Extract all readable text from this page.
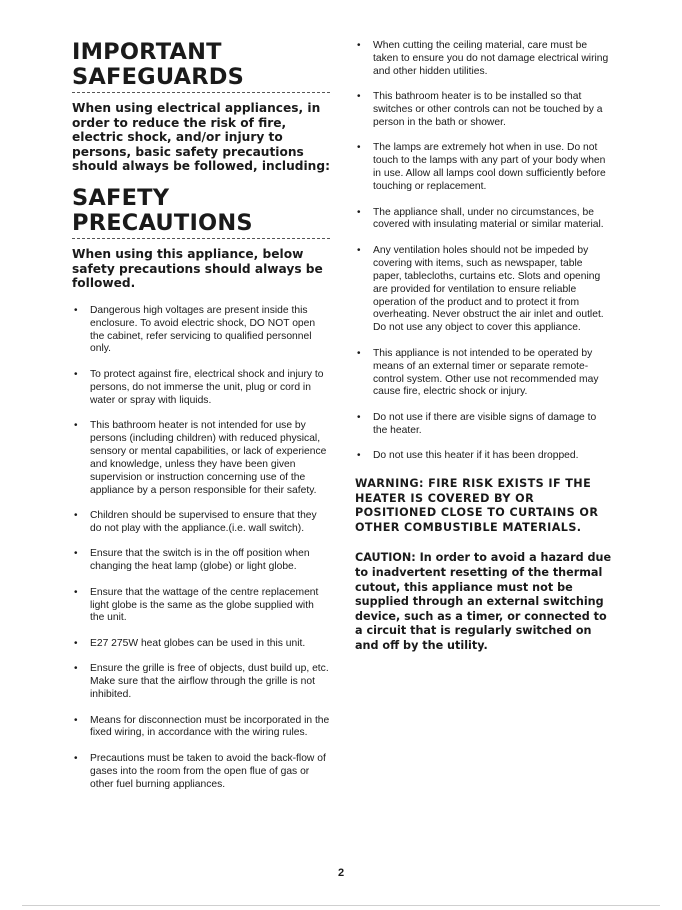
IMPORTANT SAFEGUARDS

When using electrical appliances, in order to reduce the risk of fire, electric shock, and/or injury to persons, basic safety precautions should always be followed, including:

SAFETY PRECAUTIONS

When using this appliance, below safety precautions should always be followed.

• Dangerous high voltages are present inside this enclosure. To avoid electric shock, DO NOT open the cabinet, refer servicing to qualified personnel only.
• To protect against fire, electrical shock and injury to persons, do not immerse the unit, plug or cord in water or spray with liquids.
• This bathroom heater is not intended for use by persons (including children) with reduced physical, sensory or mental capabilities, or lack of experience and knowledge, unless they have been given supervision or instruction concerning use of the appliance by a person responsible for their safety.
• Children should be supervised to ensure that they do not play with the appliance.(i.e. wall switch).
• Ensure that the switch is in the off position when changing the heat lamp (globe) or light globe.
• Ensure that the wattage of the centre replacement light globe is the same as the globe supplied with the unit.
• E27 275W heat globes can be used in this unit.
• Ensure the grille is free of objects, dust build up, etc. Make sure that the airflow through the grille is not inhibited.
• Means for disconnection must be incorporated in the fixed wiring, in accordance with the wiring rules.
• Precautions must be taken to avoid the back-flow of gases into the room from the open flue of gas or other fuel burning appliances.
• When cutting the ceiling material, care must be taken to ensure you do not damage electrical wiring and other hidden utilities.
• This bathroom heater is to be installed so that switches or other controls can not be touched by a person in the bath or shower.
• The lamps are extremely hot when in use. Do not touch to the lamps with any part of your body when in use. Allow all lamps cool down sufficiently before touching or replacement.
• The appliance shall, under no circumstances, be covered with insulating material or similar material.
• Any ventilation holes should not be impeded by covering with items, such as newspaper, table paper, tablecloths, curtains etc. Slots and opening are provided for ventilation to ensure reliable operation of the product and to protect it from overheating. Never obstruct the air inlet and outlet. Do not use any object to cover this appliance.
• This appliance is not intended to be operated by means of an external timer or separate remote-control system. Other use not recommended may cause fire, electric shock or injury.
• Do not use if there are visible signs of damage to the heater.
• Do not use this heater if it has been dropped.

WARNING: FIRE RISK EXISTS IF THE HEATER IS COVERED BY OR POSITIONED CLOSE TO CURTAINS OR OTHER COMBUSTIBLE MATERIALS.

CAUTION: In order to avoid a hazard due to inadvertent resetting of the thermal cutout, this appliance must not be supplied through an external switching device, such as a timer, or connected to a circuit that is regularly switched on and off by the utility.

2
